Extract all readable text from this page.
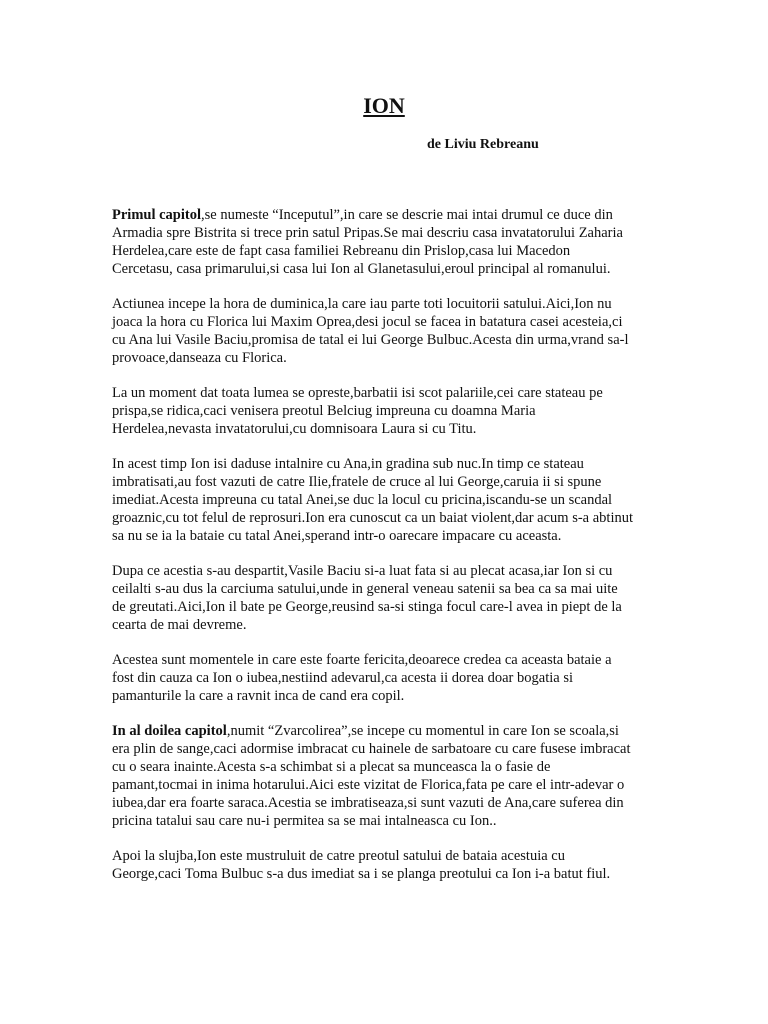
ION
de Liviu Rebreanu
Primul capitol,se numeste “Inceputul”,in care se descrie mai intai drumul ce duce din
Armadia spre Bistrita si trece prin satul Pripas.Se mai descriu casa invatatorului Zaharia
Herdelea,care este de fapt casa familiei Rebreanu din Prislop,casa lui Macedon
Cercetasu, casa primarului,si casa lui Ion al Glanetasului,eroul principal al romanului.
Actiunea incepe la hora de duminica,la care iau parte toti locuitorii satului.Aici,Ion nu
joaca la hora cu Florica lui Maxim Oprea,desi jocul se facea in batatura casei acesteia,ci
cu Ana lui Vasile Baciu,promisa de tatal ei lui George Bulbuc.Acesta din urma,vrand sa-l
provoace,danseaza cu Florica.
La un moment dat toata lumea se opreste,barbatii isi scot palariile,cei care stateau pe
prispa,se ridica,caci venisera preotul Belciug impreuna cu doamna Maria
Herdelea,nevasta invatatorului,cu domnisoara Laura si cu Titu.
In acest timp Ion isi daduse intalnire cu Ana,in gradina sub nuc.In timp ce stateau
imbratisati,au fost vazuti de catre Ilie,fratele de cruce al lui George,caruia ii si spune
imediat.Acesta impreuna cu tatal Anei,se duc la locul cu pricina,iscandu-se un scandal
groaznic,cu tot felul de reprosuri.Ion era cunoscut ca un baiat violent,dar acum s-a abtinut
sa nu se ia la bataie cu tatal Anei,sperand intr-o oarecare impacare cu aceasta.
Dupa ce acestia s-au despartit,Vasile Baciu si-a luat fata si au plecat acasa,iar Ion si cu
ceilalti s-au dus la carciuma satului,unde in general veneau satenii sa bea ca sa mai uite
de greutati.Aici,Ion il bate pe George,reusind sa-si stinga focul care-l avea in piept de la
cearta de mai devreme.
Acestea sunt momentele in care este foarte fericita,deoarece credea ca aceasta bataie a
fost din cauza ca Ion o iubea,nestiind adevarul,ca acesta ii dorea doar bogatia si
pamanturile la care a ravnit inca de cand era copil.
In al doilea capitol,numit “Zvarcolirea”,se incepe cu momentul in care Ion se scoala,si
era plin de sange,caci adormise imbracat cu hainele de sarbatoare cu care fusese imbracat
cu o seara inainte.Acesta s-a schimbat si a plecat sa munceasca la o fasie de
pamant,tocmai in inima hotarului.Aici este vizitat de Florica,fata pe care el intr-adevar o
iubea,dar era foarte saraca.Acestia se imbratiseaza,si sunt vazuti de Ana,care suferea din
pricina tatalui sau care nu-i permitea sa se mai intalneasca cu Ion..
Apoi la slujba,Ion este mustruluit de catre preotul satului de bataia acestuia cu
George,caci Toma Bulbuc s-a dus imediat sa i se planga preotului ca Ion i-a batut fiul.
